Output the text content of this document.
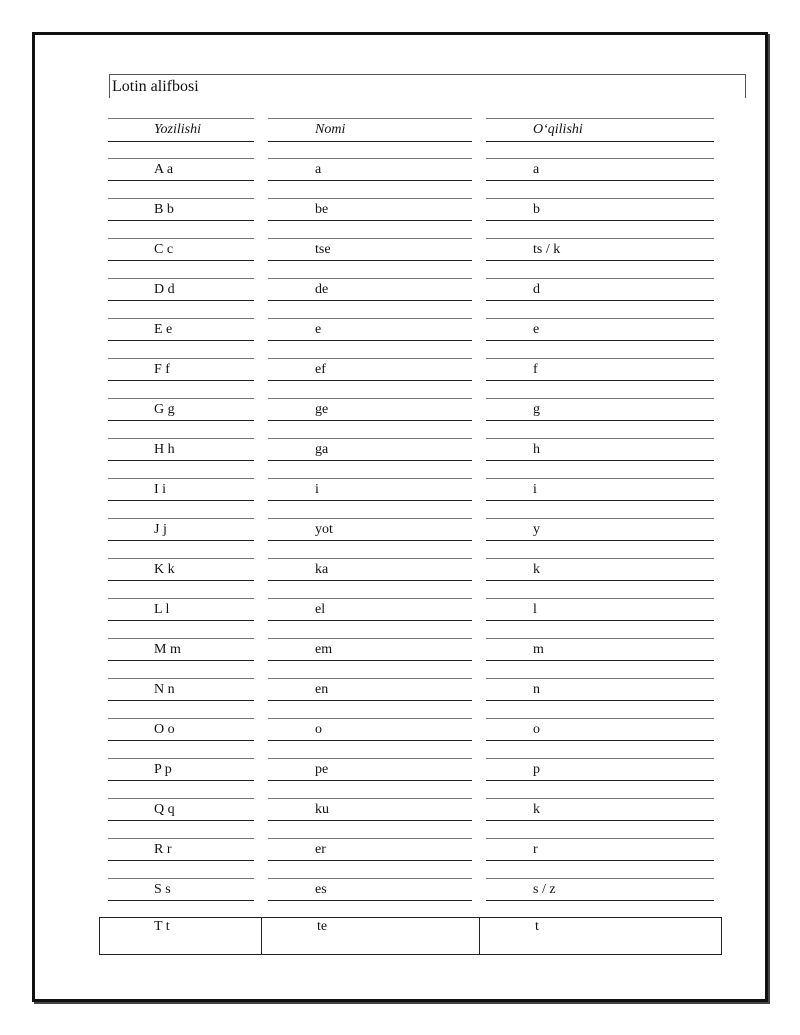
Lotin alifbosi
Yozilishi	Nomi	O‘qilishi
A a	a	a
B b	be	b
C c	tse	ts / k
D d	de	d
E e	e	e
F f	ef	f
G g	ge	g
H h	ga	h
I i	i	i
J j	yot	y
K k	ka	k
L l	el	l
M m	em	m
N n	en	n
O o	o	o
P p	pe	p
Q q	ku	k
R r	er	r
S s	es	s / z
T t	te	t
